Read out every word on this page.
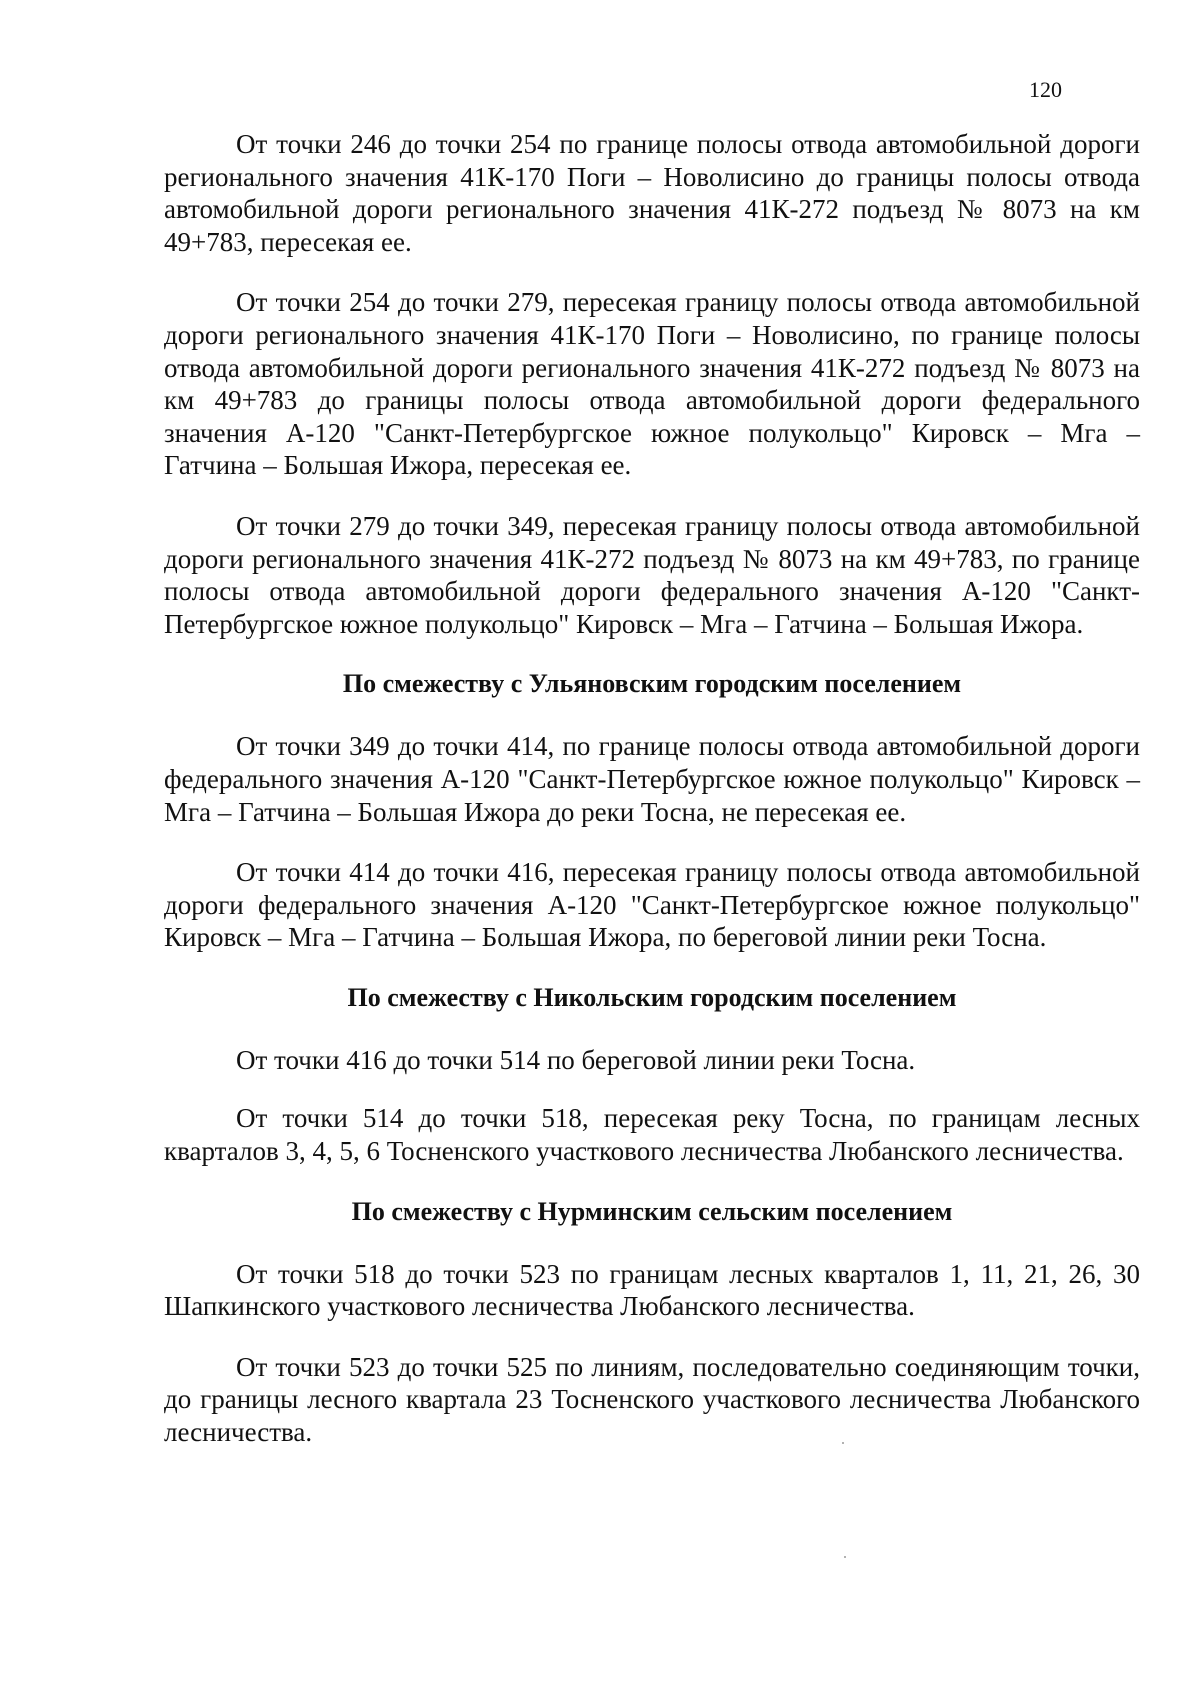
120

От точки 246 до точки 254 по границе полосы отвода автомобильной дороги регионального значения 41К-170 Поги – Новолисино до границы полосы отвода автомобильной дороги регионального значения 41К-272 подъезд № 8073 на км 49+783, пересекая ее.

От точки 254 до точки 279, пересекая границу полосы отвода автомобильной дороги регионального значения 41К-170 Поги – Новолисино, по границе полосы отвода автомобильной дороги регионального значения 41К-272 подъезд № 8073 на км 49+783 до границы полосы отвода автомобильной дороги федерального значения А-120 "Санкт-Петербургское южное полукольцо" Кировск – Мга – Гатчина – Большая Ижора, пересекая ее.

От точки 279 до точки 349, пересекая границу полосы отвода автомобильной дороги регионального значения 41К-272 подъезд № 8073 на км 49+783, по границе полосы отвода автомобильной дороги федерального значения А-120 "Санкт-Петербургское южное полукольцо" Кировск – Мга – Гатчина – Большая Ижора.

По смежеству с Ульяновским городским поселением

От точки 349 до точки 414, по границе полосы отвода автомобильной дороги федерального значения А-120 "Санкт-Петербургское южное полукольцо" Кировск – Мга – Гатчина – Большая Ижора до реки Тосна, не пересекая ее.

От точки 414 до точки 416, пересекая границу полосы отвода автомобильной дороги федерального значения А-120 "Санкт-Петербургское южное полукольцо" Кировск – Мга – Гатчина – Большая Ижора, по береговой линии реки Тосна.

По смежеству с Никольским городским поселением

От точки 416 до точки 514 по береговой линии реки Тосна.

От точки 514 до точки 518, пересекая реку Тосна, по границам лесных кварталов 3, 4, 5, 6 Тосненского участкового лесничества Любанского лесничества.

По смежеству с Нурминским сельским поселением

От точки 518 до точки 523 по границам лесных кварталов 1, 11, 21, 26, 30 Шапкинского участкового лесничества Любанского лесничества.

От точки 523 до точки 525 по линиям, последовательно соединяющим точки, до границы лесного квартала 23 Тосненского участкового лесничества Любанского лесничества.
